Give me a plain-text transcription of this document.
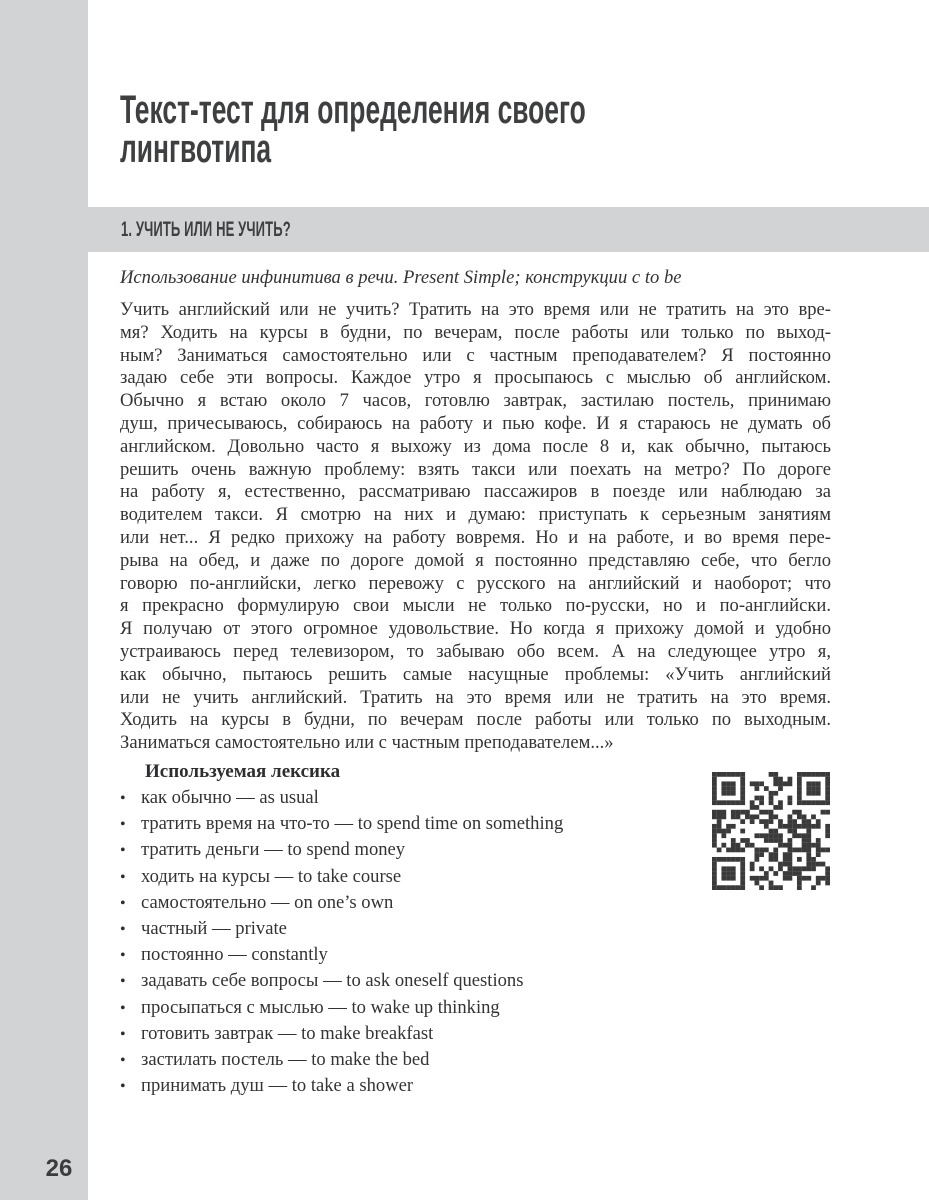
26
Текст-тест для определения своего
лингвотипа
1. УЧИТЬ ИЛИ НЕ УЧИТЬ?
Использование инфинитива в речи. Present Simple; конструкции с to be
Учить английский или не учить? Тратить на это время или не тратить на это вре-
мя? Ходить на курсы в будни, по вечерам, после работы или только по выход-
ным? Заниматься самостоятельно или с частным преподавателем? Я постоянно
задаю себе эти вопросы. Каждое утро я просыпаюсь с мыслью об английском.
Обычно я встаю около 7 часов, готовлю завтрак, застилаю постель, принимаю
душ, причесываюсь, собираюсь на работу и пью кофе. И я стараюсь не думать об
английском. Довольно часто я выхожу из дома после 8 и, как обычно, пытаюсь
решить очень важную проблему: взять такси или поехать на метро? По дороге
на работу я, естественно, рассматриваю пассажиров в поезде или наблюдаю за
водителем такси. Я смотрю на них и думаю: приступать к серьезным занятиям
или нет... Я редко прихожу на работу вовремя. Но и на работе, и во время пере-
рыва на обед, и даже по дороге домой я постоянно представляю себе, что бегло
говорю по-английски, легко перевожу с русского на английский и наоборот; что
я прекрасно формулирую свои мысли не только по-русски, но и по-английски.
Я получаю от этого огромное удовольствие. Но когда я прихожу домой и удобно
устраиваюсь перед телевизором, то забываю обо всем. А на следующее утро я,
как обычно, пытаюсь решить самые насущные проблемы: «Учить английский
или не учить английский. Тратить на это время или не тратить на это время.
Ходить на курсы в будни, по вечерам после работы или только по выходным.
Заниматься самостоятельно или с частным преподавателем...»
Используемая лексика
• как обычно — as usual
• тратить время на что-то — to spend time on something
• тратить деньги — to spend money
• ходить на курсы — to take course
• самостоятельно — on one’s own
• частный — private
• постоянно — constantly
• задавать себе вопросы — to ask oneself questions
• просыпаться с мыслью — to wake up thinking
• готовить завтрак — to make breakfast
• застилать постель — to make the bed
• принимать душ — to take a shower
